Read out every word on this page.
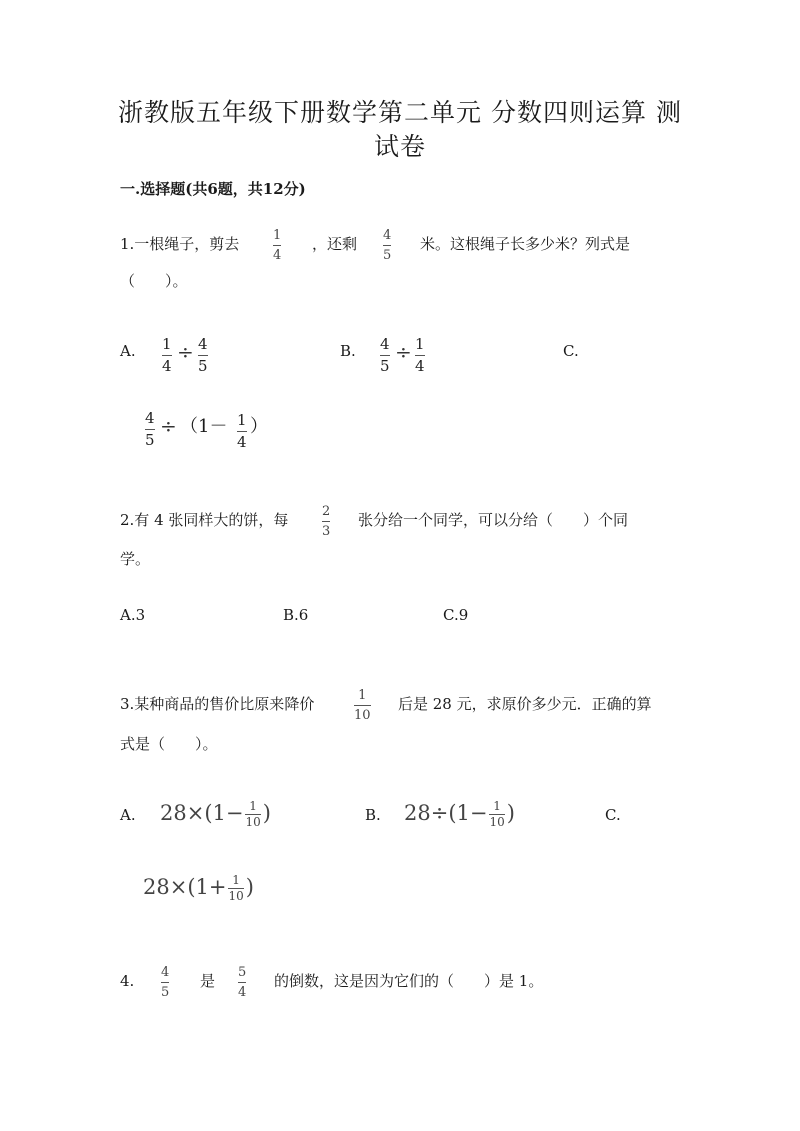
浙教版五年级下册数学第二单元 分数四则运算 测
试卷
一.选择题(共6题，共12分)
1.一根绳子，剪去	1
4
，还剩 4
5
米。这根绳子长多少米？列式是
（　　）。
A. 1
4
÷ 4
5
B. 4
5
÷ 1
4
C.
4
5
÷ （1－ 1
4
）
2.有 4 张同样大的饼，每	2
3
张分给一个同学，可以分给（　　）个同
学。
A.3	B.6	C.9
3.某种商品的售价比原来降价	1
10
后是 28 元，求原价多少元．正确的算
式是（　　）。
A. $28\times(1- \frac{1}{10}$ )	B. $28\div(1- \frac{1}{10}$ )	C.
$28\times(1+ \frac{1}{10}$ )
4. 4
5
是 5
4
的倒数，这是因为它们的（　　）是 1。
